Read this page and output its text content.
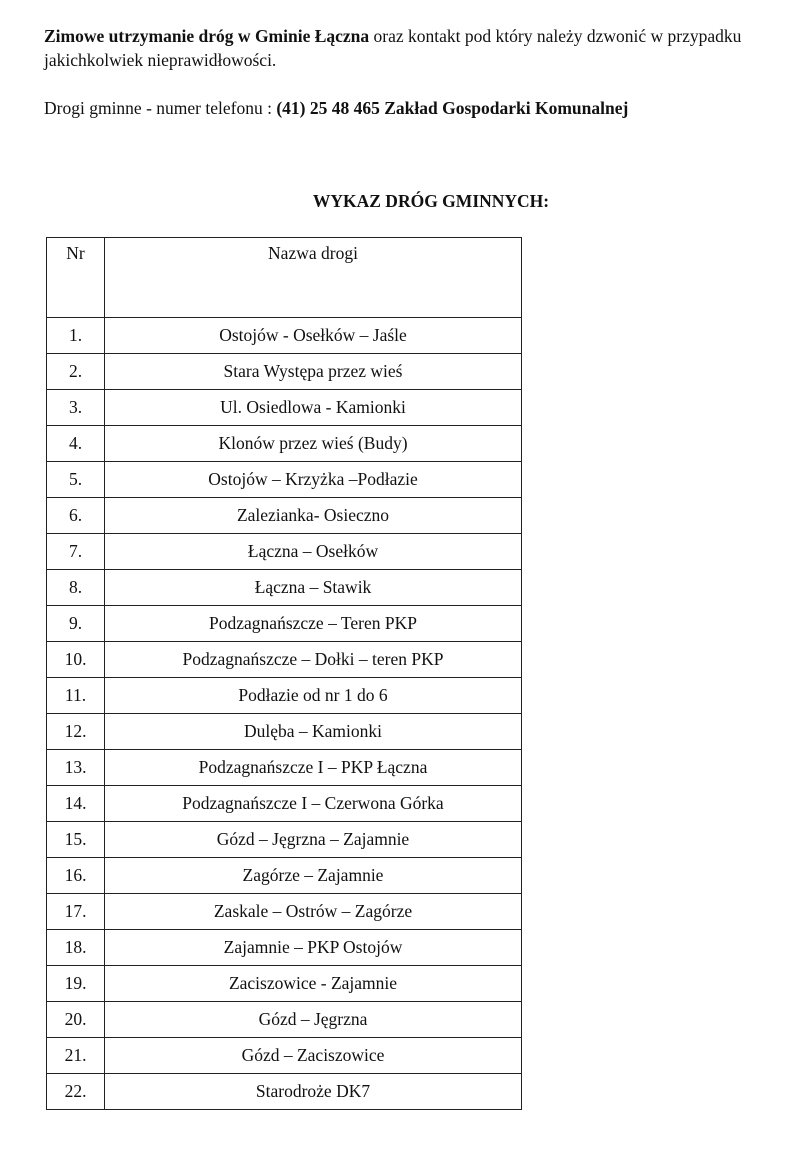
Zimowe utrzymanie dróg w Gminie Łączna oraz kontakt pod który należy dzwonić w przypadku jakichkolwiek nieprawidłowości.
Drogi gminne - numer telefonu : (41) 25 48 465 Zakład Gospodarki Komunalnej
WYKAZ DRÓG GMINNYCH:
Nr	Nazwa drogi
1.	Ostojów - Osełków – Jaśle
2.	Stara Występa przez wieś
3.	Ul. Osiedlowa - Kamionki
4.	Klonów przez wieś (Budy)
5.	Ostojów – Krzyżka –Podłazie
6.	Zalezianka- Osieczno
7.	Łączna – Osełków
8.	Łączna – Stawik
9.	Podzagnańszcze – Teren PKP
10.	Podzagnańszcze – Dołki – teren PKP
11.	Podłazie od nr 1 do 6
12.	Dulęba – Kamionki
13.	Podzagnańszcze I – PKP Łączna
14.	Podzagnańszcze I – Czerwona Górka
15.	Gózd – Jęgrzna – Zajamnie
16.	Zagórze – Zajamnie
17.	Zaskale – Ostrów – Zagórze
18.	Zajamnie – PKP Ostojów
19.	Zaciszowice - Zajamnie
20.	Gózd – Jęgrzna
21.	Gózd – Zaciszowice
22.	Starodroże DK7
